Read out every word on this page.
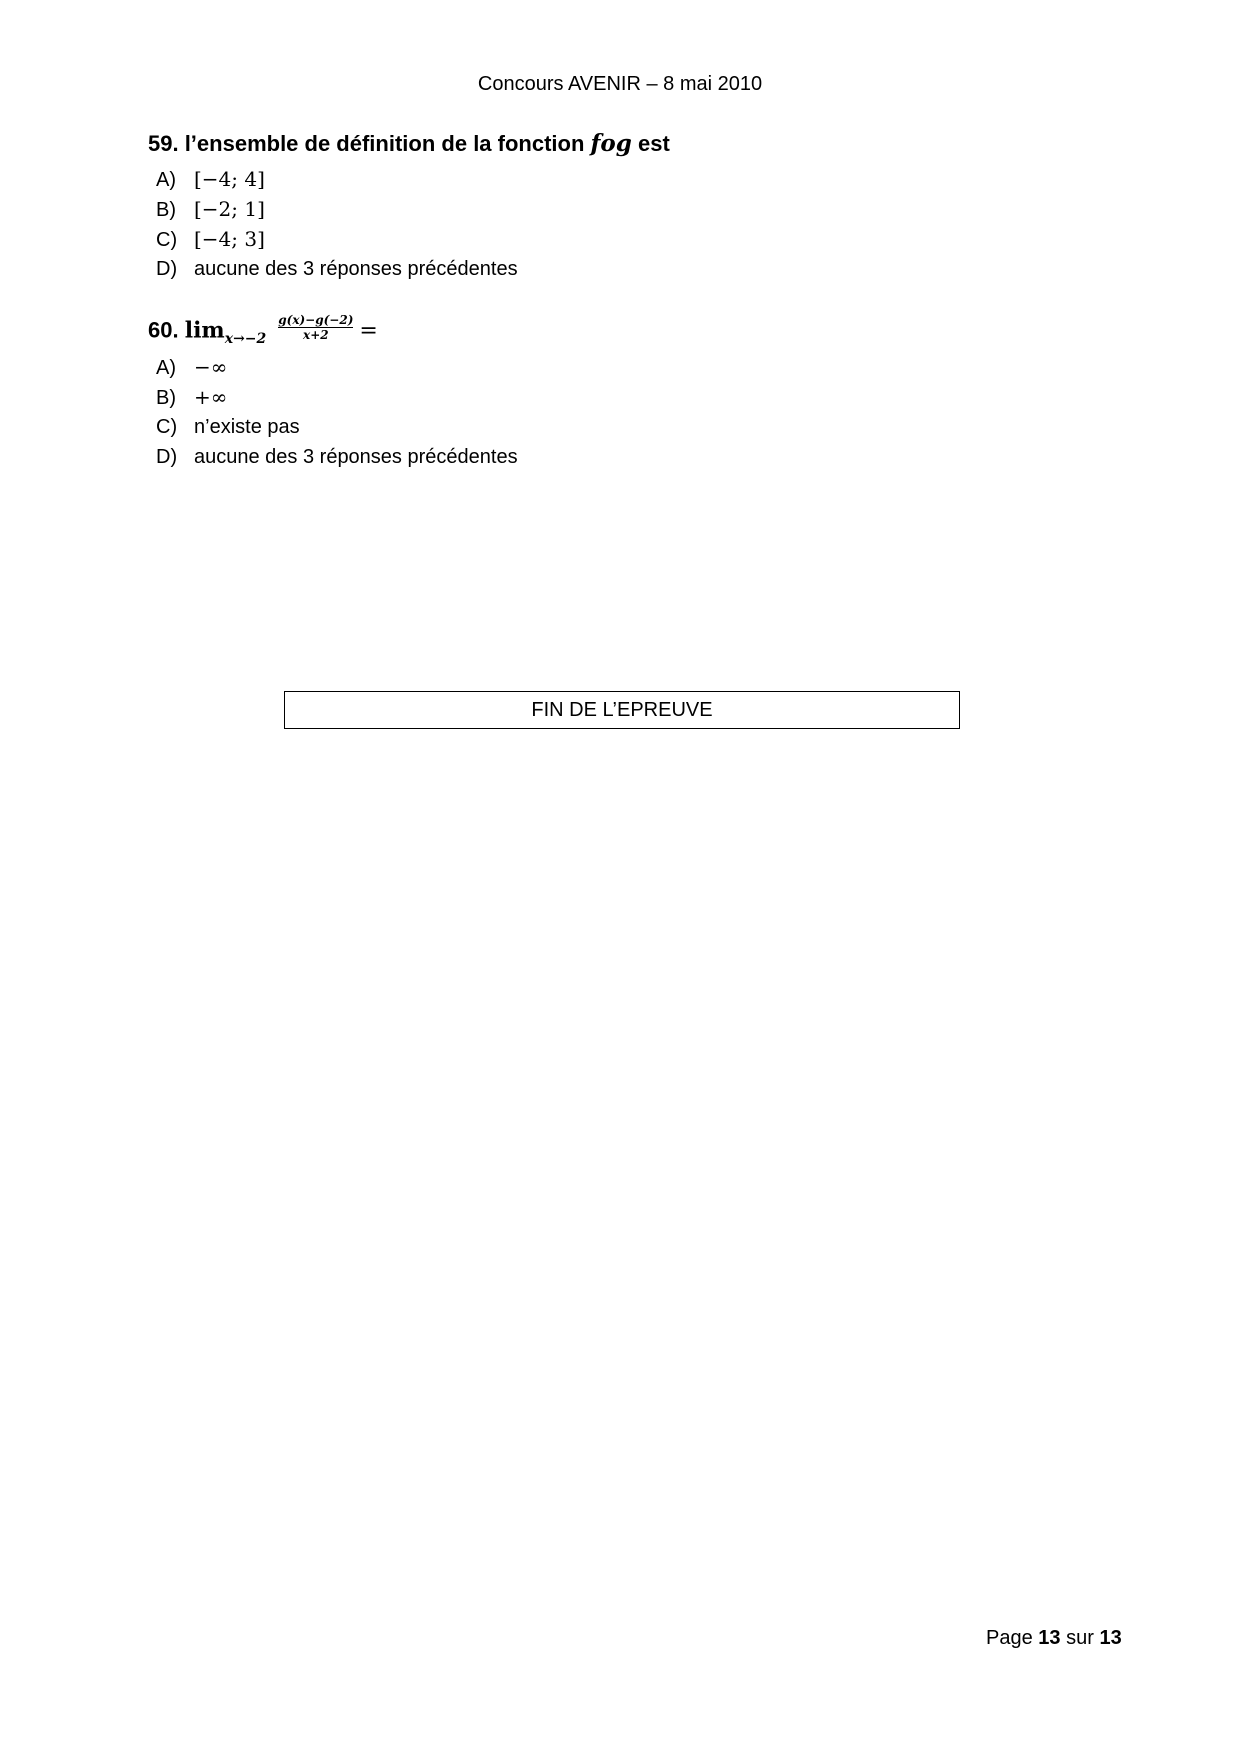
Concours AVENIR – 8 mai 2010
59. l’ensemble de définition de la fonction fog est
A) [−4; 4]
B) [−2; 1]
C) [−4; 3]
D) aucune des 3 réponses précédentes
60. $\lim_{x\to-2} \frac{g(x)-g(-2)}{x+2}$ =
A) −∞
B) +∞
C) n’existe pas
D) aucune des 3 réponses précédentes
FIN DE L’EPREUVE
Page 13 sur 13
